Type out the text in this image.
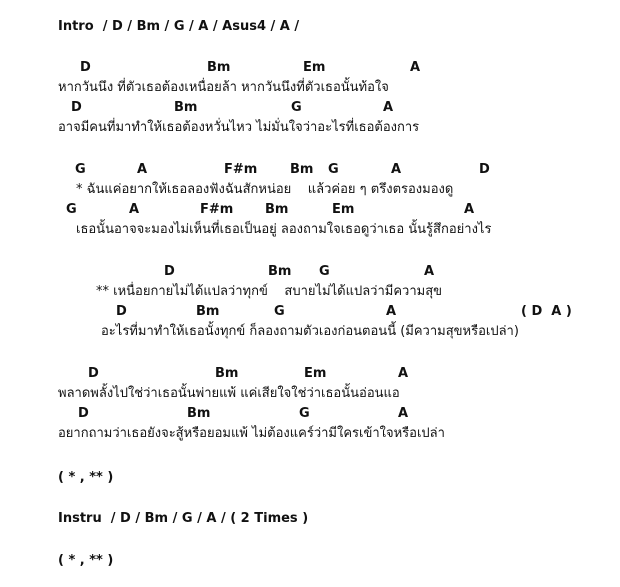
Intro  / D / Bm / G / A / Asus4 / A /
D	Bm	Em	A
หากวันนึง ที่ตัวเธอต้องเหนื่อยล้า หากวันนึงที่ตัวเธอนั้นท้อใจ
D	Bm	G	A
อาจมีคนที่มาทำให้เธอต้องหวั่นไหว ไม่มั่นใจว่าอะไรที่เธอต้องการ
G	A	F#m	Bm G	A	D
* ฉันแค่อยากให้เธอลองฟังฉันสักหน่อย    แล้วค่อย ๆ ตรึงตรองมองดู
G	A	F#m Bm	Em	A
เธอนั้นอาจจะมองไม่เห็นที่เธอเป็นอยู่ ลองถามใจเธอดูว่าเธอ นั้นรู้สึกอย่างไร
D	Bm G	A
** เหนื่อยกายไม่ได้แปลว่าทุกข์    สบายไม่ได้แปลว่ามีความสุข
D	Bm	G	A	( D  A )
อะไรที่มาทำให้เธอนั้งทุกข์ ก็ลองถามตัวเองก่อนตอนนี้ (มีความสุขหรือเปล่า)
D	Bm	Em	A
พลาดพลั้งไปใช่ว่าเธอนั้นพ่ายแพ้ แค่เสียใจใช่ว่าเธอนั้นอ่อนแอ
D	Bm	G	A
อยากถามว่าเธอยังจะสู้หรือยอมแพ้ ไม่ต้องแคร์ว่ามีใครเข้าใจหรือเปล่า
( * , ** )
Instru  / D / Bm / G / A / ( 2 Times )
( * , ** )
